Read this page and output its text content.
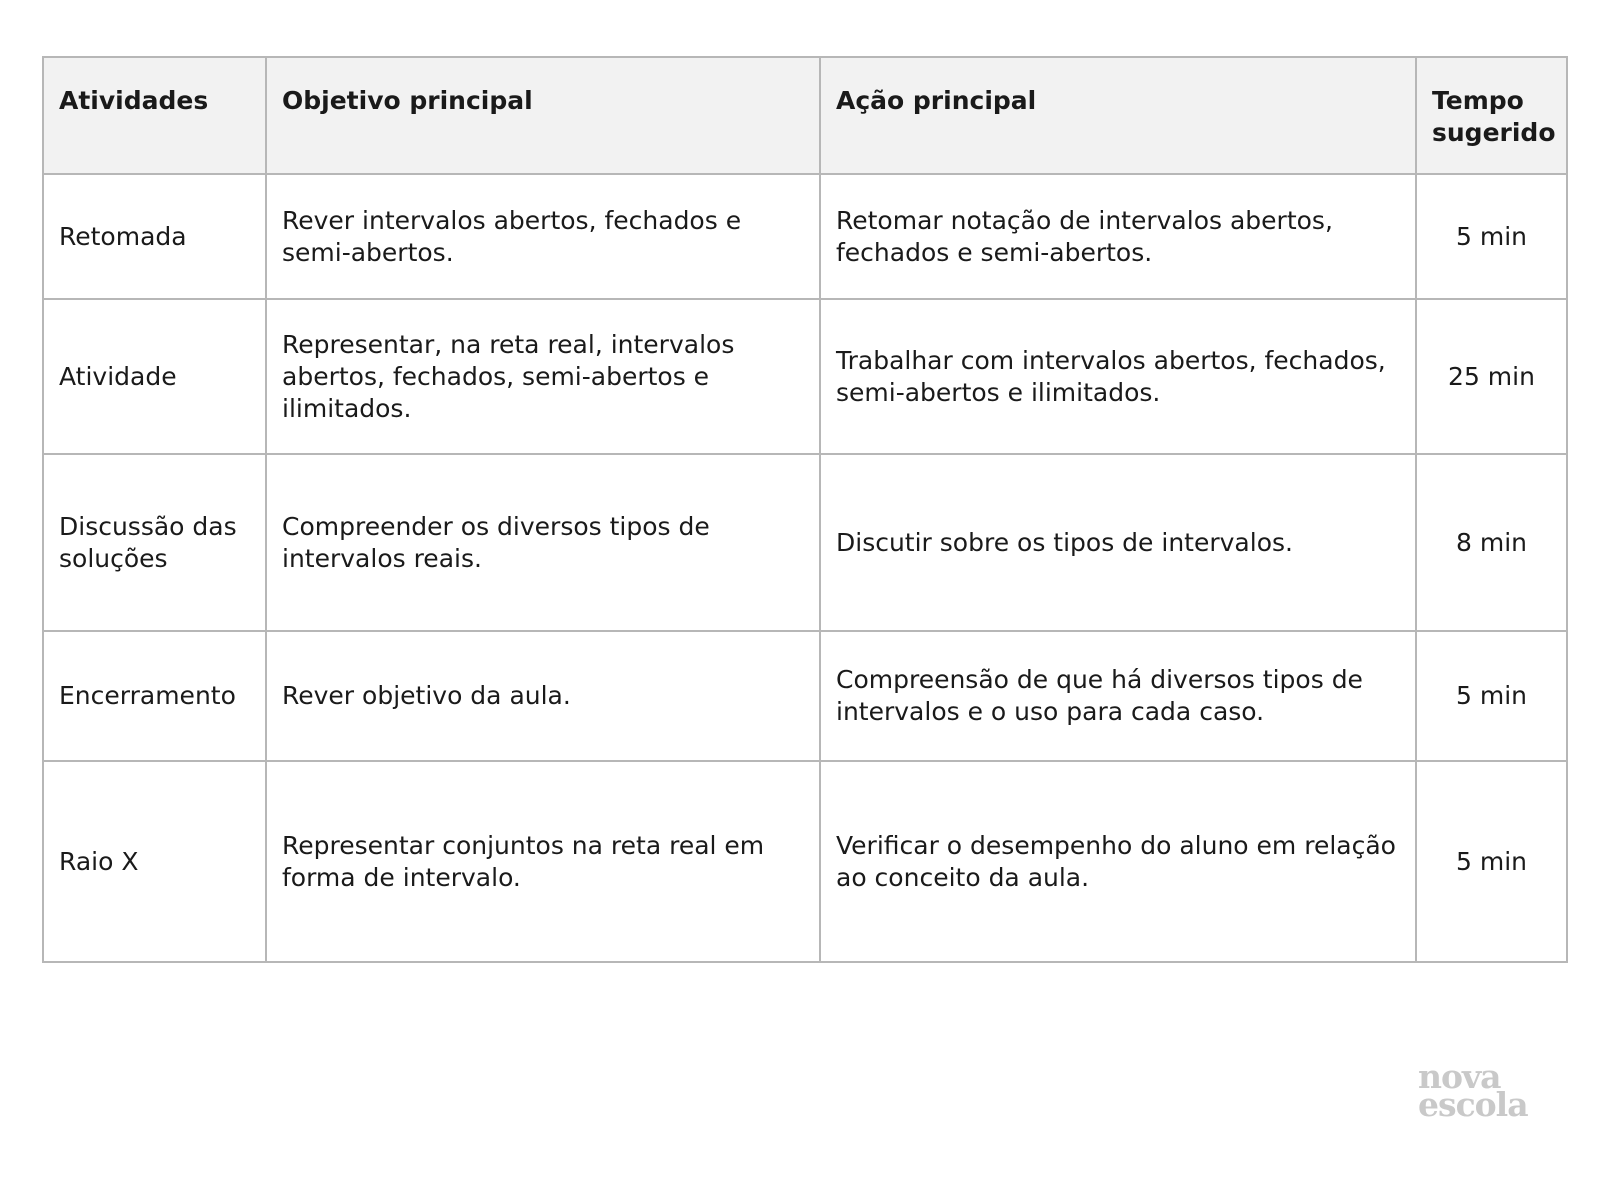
Atividades	Objetivo principal	Ação principal	Tempo sugerido
Retomada	Rever intervalos abertos, fechados e semi-abertos.	Retomar notação de intervalos abertos, fechados e semi-abertos.	5 min
Atividade	Representar, na reta real, intervalos abertos, fechados, semi-abertos e ilimitados.	Trabalhar com intervalos abertos, fechados, semi-abertos e ilimitados.	25 min
Discussão das soluções	Compreender os diversos tipos de intervalos reais.	Discutir sobre os tipos de intervalos.	8 min
Encerramento	Rever objetivo da aula.	Compreensão de que há diversos tipos de intervalos e o uso para cada caso.	5 min
Raio X	Representar conjuntos na reta real em forma de intervalo.	Verificar o desempenho do aluno em relação ao conceito da aula.	5 min
nova
escola
